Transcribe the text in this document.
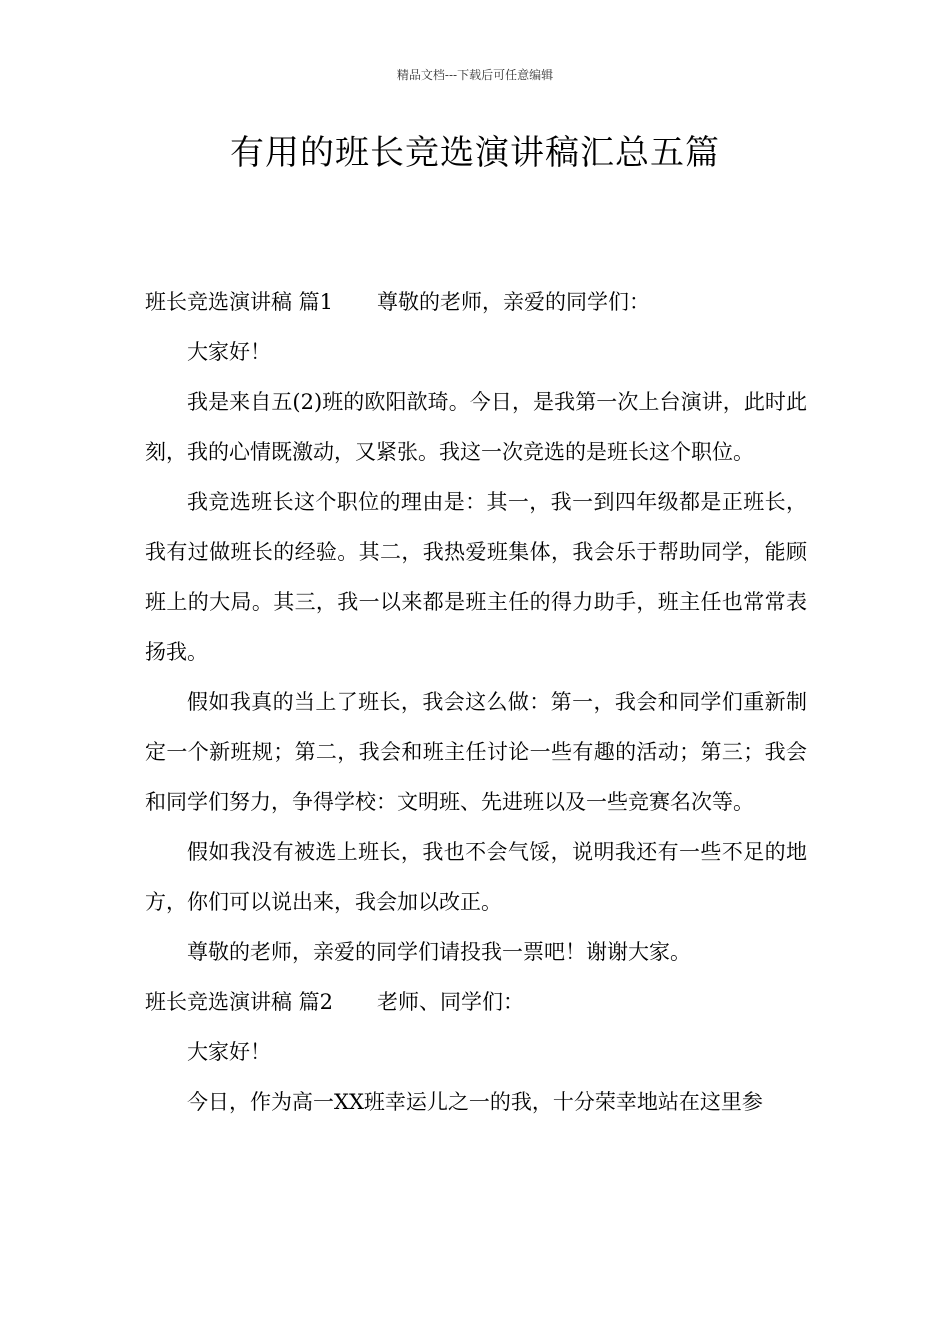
精品文档---下载后可任意编辑
有用的班长竞选演讲稿汇总五篇

班长竞选演讲稿 篇1 尊敬的老师，亲爱的同学们：

大家好！

我是来自五(2)班的欧阳歆琦。今日，是我第一次上台演讲，此时此刻，我的心情既激动，又紧张。我这一次竞选的是班长这个职位。

我竞选班长这个职位的理由是：其一，我一到四年级都是正班长，我有过做班长的经验。其二，我热爱班集体，我会乐于帮助同学，能顾班上的大局。其三，我一以来都是班主任的得力助手，班主任也常常表扬我。

假如我真的当上了班长，我会这么做：第一，我会和同学们重新制定一个新班规；第二，我会和班主任讨论一些有趣的活动；第三；我会和同学们努力，争得学校：文明班、先进班以及一些竞赛名次等。

假如我没有被选上班长，我也不会气馁，说明我还有一些不足的地方，你们可以说出来，我会加以改正。

尊敬的老师，亲爱的同学们请投我一票吧！谢谢大家。

班长竞选演讲稿 篇2 老师、同学们：

大家好！

今日，作为高一XX班幸运儿之一的我，十分荣幸地站在这里参
